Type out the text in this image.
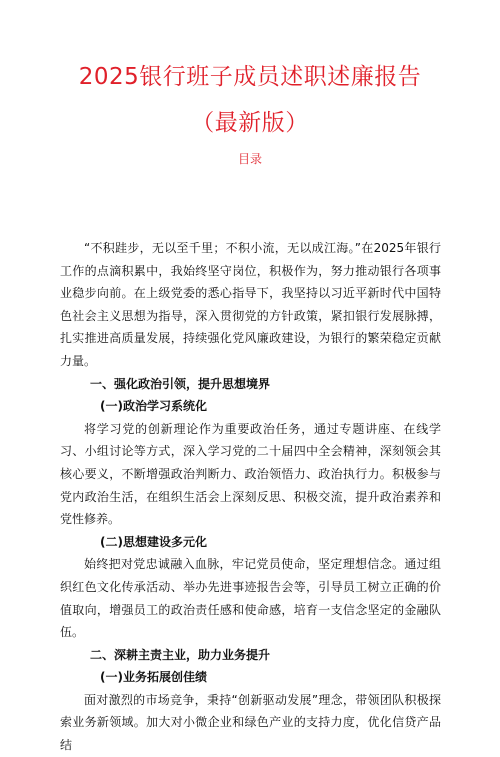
2025银行班子成员述职述廉报告
（最新版）
目录

“不积跬步，无以至千里；不积小流，无以成江海。”在2025年银行工作的点滴积累中，我始终坚守岗位，积极作为，努力推动银行各项事业稳步向前。在上级党委的悉心指导下，我坚持以习近平新时代中国特色社会主义思想为指导，深入贯彻党的方针政策，紧扣银行发展脉搏，扎实推进高质量发展，持续强化党风廉政建设，为银行的繁荣稳定贡献力量。

一、强化政治引领，提升思想境界

(一)政治学习系统化

将学习党的创新理论作为重要政治任务，通过专题讲座、在线学习、小组讨论等方式，深入学习党的二十届四中全会精神，深刻领会其核心要义，不断增强政治判断力、政治领悟力、政治执行力。积极参与党内政治生活，在组织生活会上深刻反思、积极交流，提升政治素养和党性修养。

(二)思想建设多元化

始终把对党忠诚融入血脉，牢记党员使命，坚定理想信念。通过组织红色文化传承活动、举办先进事迹报告会等，引导员工树立正确的价值取向，增强员工的政治责任感和使命感，培育一支信念坚定的金融队伍。

二、深耕主责主业，助力业务提升

(一)业务拓展创佳绩

面对激烈的市场竞争，秉持“创新驱动发展”理念，带领团队积极探索业务新领域。加大对小微企业和绿色产业的支持力度，优化信贷产品结
